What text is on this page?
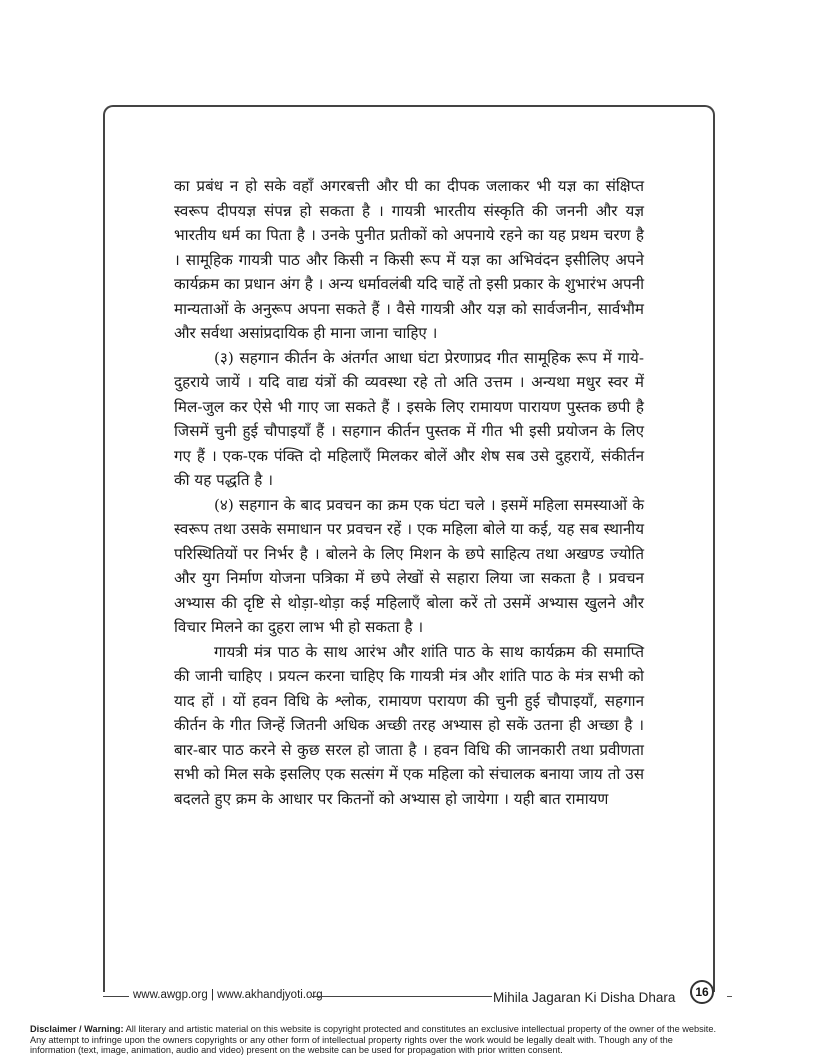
का प्रबंध न हो सके वहाँ अगरबत्ती और घी का दीपक जलाकर भी यज्ञ का संक्षिप्त स्वरूप दीपयज्ञ संपन्न हो सकता है । गायत्री भारतीय संस्कृति की जननी और यज्ञ भारतीय धर्म का पिता है । उनके पुनीत प्रतीकों को अपनाये रहने का यह प्रथम चरण है । सामूहिक गायत्री पाठ और किसी न किसी रूप में यज्ञ का अभिवंदन इसीलिए अपने कार्यक्रम का प्रधान अंग है । अन्य धर्मावलंबी यदि चाहें तो इसी प्रकार के शुभारंभ अपनी मान्यताओं के अनुरूप अपना सकते हैं । वैसे गायत्री और यज्ञ को सार्वजनीन, सार्वभौम और सर्वथा असांप्रदायिक ही माना जाना चाहिए ।

(३) सहगान कीर्तन के अंतर्गत आधा घंटा प्रेरणाप्रद गीत सामूहिक रूप में गाये-दुहराये जायें । यदि वाद्य यंत्रों की व्यवस्था रहे तो अति उत्तम । अन्यथा मधुर स्वर में मिल-जुल कर ऐसे भी गाए जा सकते हैं । इसके लिए रामायण पारायण पुस्तक छपी है जिसमें चुनी हुई चौपाइयाँ हैं । सहगान कीर्तन पुस्तक में गीत भी इसी प्रयोजन के लिए गए हैं । एक-एक पंक्ति दो महिलाएँ मिलकर बोलें और शेष सब उसे दुहरायें, संकीर्तन की यह पद्धति है ।

(४) सहगान के बाद प्रवचन का क्रम एक घंटा चले । इसमें महिला समस्याओं के स्वरूप तथा उसके समाधान पर प्रवचन रहें । एक महिला बोले या कई, यह सब स्थानीय परिस्थितियों पर निर्भर है । बोलने के लिए मिशन के छपे साहित्य तथा अखण्ड ज्योति और युग निर्माण योजना पत्रिका में छपे लेखों से सहारा लिया जा सकता है । प्रवचन अभ्यास की दृष्टि से थोड़ा-थोड़ा कई महिलाएँ बोला करें तो उसमें अभ्यास खुलने और विचार मिलने का दुहरा लाभ भी हो सकता है ।

गायत्री मंत्र पाठ के साथ आरंभ और शांति पाठ के साथ कार्यक्रम की समाप्ति की जानी चाहिए । प्रयत्न करना चाहिए कि गायत्री मंत्र और शांति पाठ के मंत्र सभी को याद हों । यों हवन विधि के श्लोक, रामायण परायण की चुनी हुई चौपाइयाँ, सहगान कीर्तन के गीत जिन्हें जितनी अधिक अच्छी तरह अभ्यास हो सकें उतना ही अच्छा है । बार-बार पाठ करने से कुछ सरल हो जाता है । हवन विधि की जानकारी तथा प्रवीणता सभी को मिल सके इसलिए एक सत्संग में एक महिला को संचालक बनाया जाय तो उस बदलते हुए क्रम के आधार पर कितनों को अभ्यास हो जायेगा । यही बात रामायण

www.awgp.org | www.akhandjyoti.org	Mihila Jagaran Ki Disha Dhara	16

Disclaimer / Warning: All literary and artistic material on this website is copyright protected and constitutes an exclusive intellectual property of the owner of the website. Any attempt to infringe upon the owners copyrights or any other form of intellectual property rights over the work would be legally dealt with. Though any of the information (text, image, animation, audio and video) present on the website can be used for propagation with prior written consent.
